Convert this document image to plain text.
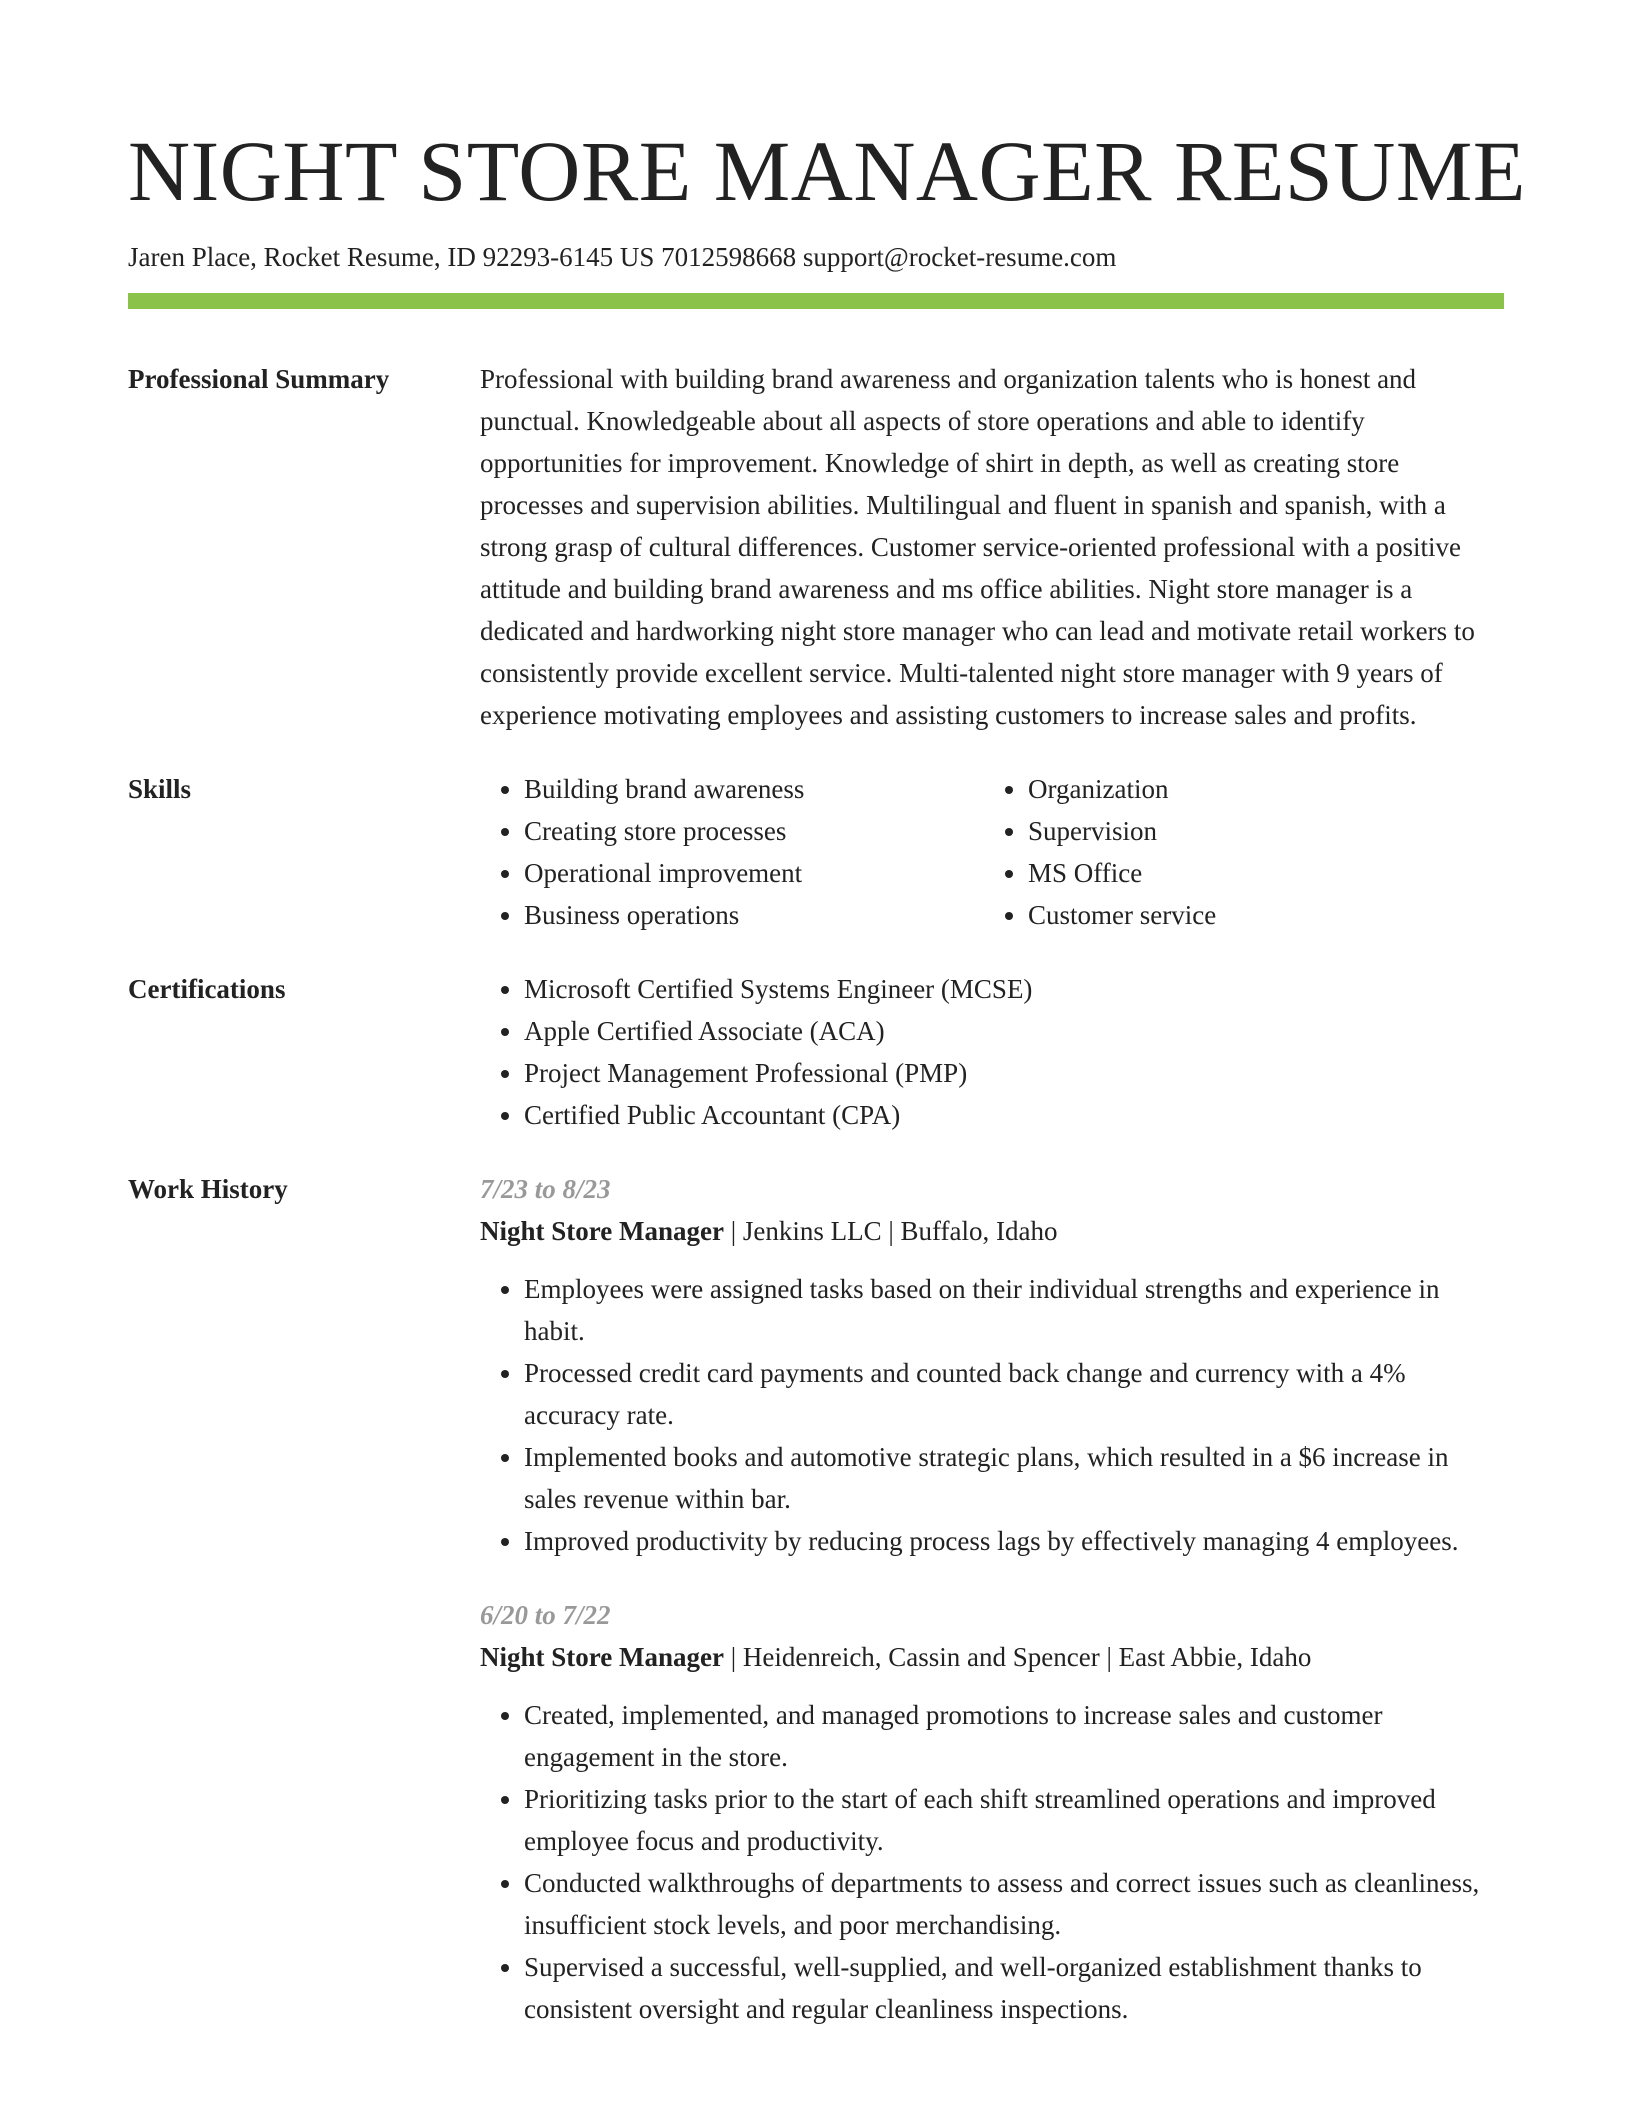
NIGHT STORE MANAGER RESUME
Jaren Place, Rocket Resume, ID 92293-6145 US 7012598668 support@rocket-resume.com
Professional Summary	Professional with building brand awareness and organization talents who is honest and punctual. Knowledgeable about all aspects of store operations and able to identify opportunities for improvement. Knowledge of shirt in depth, as well as creating store processes and supervision abilities. Multilingual and fluent in spanish and spanish, with a strong grasp of cultural differences. Customer service-oriented professional with a positive attitude and building brand awareness and ms office abilities. Night store manager is a dedicated and hardworking night store manager who can lead and motivate retail workers to consistently provide excellent service. Multi-talented night store manager with 9 years of experience motivating employees and assisting customers to increase sales and profits.

Skills	• Building brand awareness
• Creating store processes
• Operational improvement
• Business operations
• Organization
• Supervision
• MS Office
• Customer service
Certifications	• Microsoft Certified Systems Engineer (MCSE)
• Apple Certified Associate (ACA)
• Project Management Professional (PMP)
• Certified Public Accountant (CPA)
Work History	7/23 to 8/23
Night Store Manager | Jenkins LLC | Buffalo, Idaho
• Employees were assigned tasks based on their individual strengths and experience in habit.
• Processed credit card payments and counted back change and currency with a 4% accuracy rate.
• Implemented books and automotive strategic plans, which resulted in a $6 increase in sales revenue within bar.
• Improved productivity by reducing process lags by effectively managing 4 employees.
6/20 to 7/22
Night Store Manager | Heidenreich, Cassin and Spencer | East Abbie, Idaho
• Created, implemented, and managed promotions to increase sales and customer engagement in the store.
• Prioritizing tasks prior to the start of each shift streamlined operations and improved employee focus and productivity.
• Conducted walkthroughs of departments to assess and correct issues such as cleanliness, insufficient stock levels, and poor merchandising.
• Supervised a successful, well-supplied, and well-organized establishment thanks to consistent oversight and regular cleanliness inspections.
